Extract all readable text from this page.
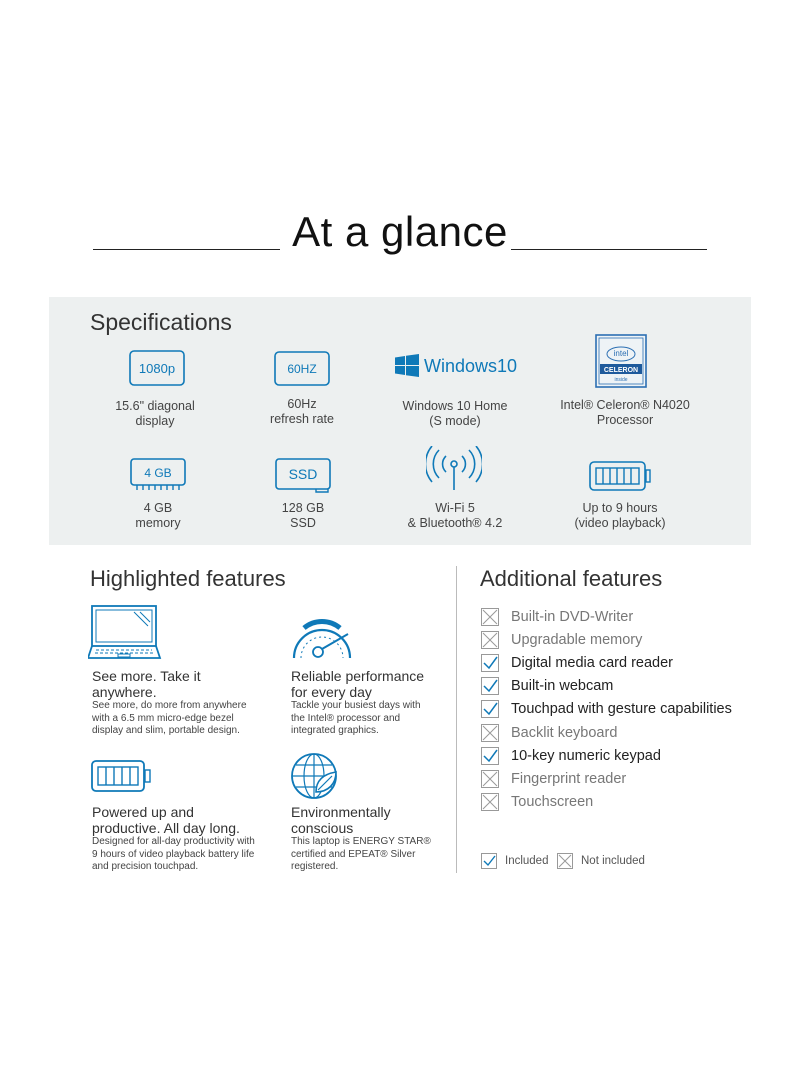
At a glance
Specifications
1080p	60HZ	Windows10
intel
CELERON
inside
15.6" diagonal
display
60Hz
refresh rate
Windows 10 Home
(S mode)
Intel® Celeron® N4020
Processor
4 GB	SSD
4 GB
memory
128 GB
SSD
Wi-Fi 5
& Bluetooth® 4.2
Up to 9 hours
(video playback)
Highlighted features
See more. Take it
anywhere.
See more, do more from anywhere
with a 6.5 mm micro-edge bezel
display and slim, portable design.
Reliable performance
for every day
Tackle your busiest days with
the Intel® processor and
integrated graphics.
Powered up and
productive. All day long.
Designed for all-day productivity with
9 hours of video playback battery life
and precision touchpad.
Environmentally
conscious
This laptop is ENERGY STAR®
certified and EPEAT® Silver
registered.
Additional features
Built-in DVD-Writer
Upgradable memory
Digital media card reader
Built-in webcam
Touchpad with gesture capabilities
Backlit keyboard
10-key numeric keypad
Fingerprint reader
Touchscreen
Included	Not included
